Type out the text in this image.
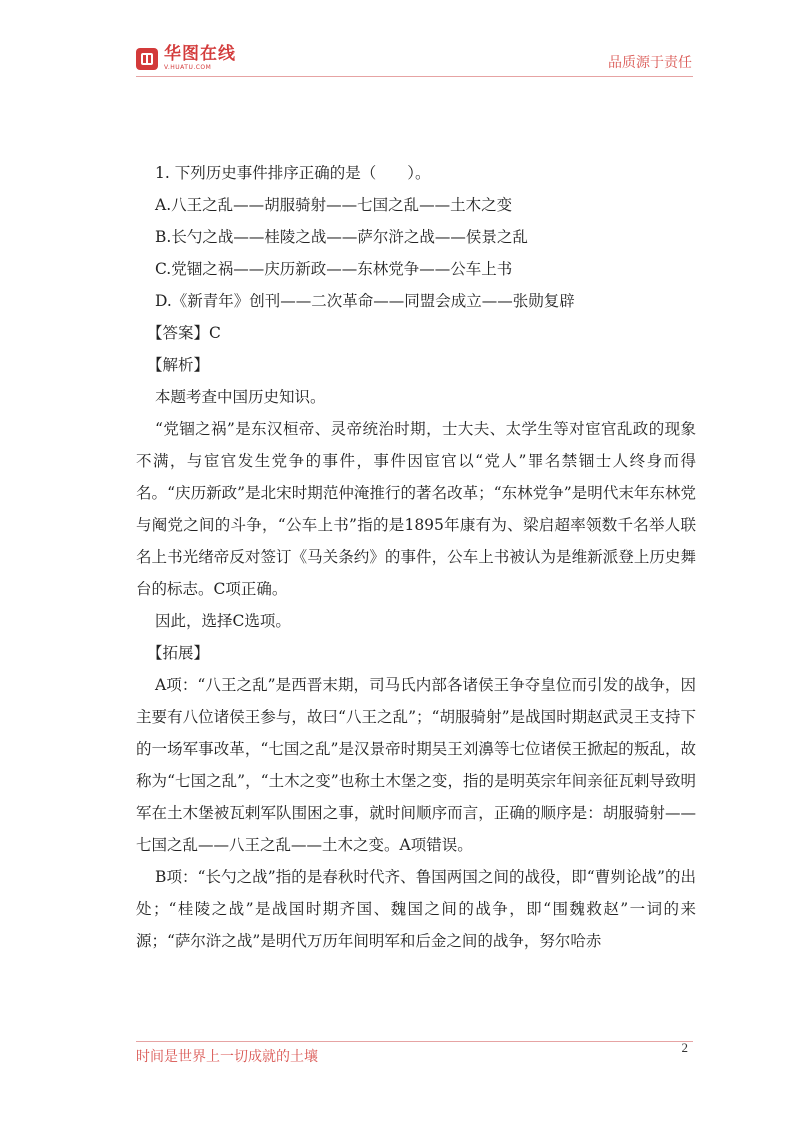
华图在线
V.HUATU.COM	品质源于责任

1. 下列历史事件排序正确的是（　　）。

A.八王之乱——胡服骑射——七国之乱——土木之变

B.长勺之战——桂陵之战——萨尔浒之战——侯景之乱

C.党锢之祸——庆历新政——东林党争——公车上书

D.《新青年》创刊——二次革命——同盟会成立——张勋复辟

【答案】C

【解析】

本题考查中国历史知识。

“党锢之祸”是东汉桓帝、灵帝统治时期，士大夫、太学生等对宦官乱政的现象不满，与宦官发生党争的事件，事件因宦官以“党人”罪名禁锢士人终身而得名。“庆历新政”是北宋时期范仲淹推行的著名改革；“东林党争”是明代末年东林党与阉党之间的斗争，“公车上书”指的是1895年康有为、梁启超率领数千名举人联名上书光绪帝反对签订《马关条约》的事件，公车上书被认为是维新派登上历史舞台的标志。C项正确。

因此，选择C选项。

【拓展】

A项：“八王之乱”是西晋末期，司马氏内部各诸侯王争夺皇位而引发的战争，因主要有八位诸侯王参与，故曰“八王之乱”；“胡服骑射”是战国时期赵武灵王支持下的一场军事改革，“七国之乱”是汉景帝时期吴王刘濞等七位诸侯王掀起的叛乱，故称为“七国之乱”，“土木之变”也称土木堡之变，指的是明英宗年间亲征瓦剌导致明军在土木堡被瓦剌军队围困之事，就时间顺序而言，正确的顺序是：胡服骑射——七国之乱——八王之乱——土木之变。A项错误。

B项：“长勺之战”指的是春秋时代齐、鲁国两国之间的战役，即“曹刿论战”的出处；“桂陵之战”是战国时期齐国、魏国之间的战争，即“围魏救赵”一词的来源；“萨尔浒之战”是明代万历年间明军和后金之间的战争，努尔哈赤

时间是世界上一切成就的土壤
2
